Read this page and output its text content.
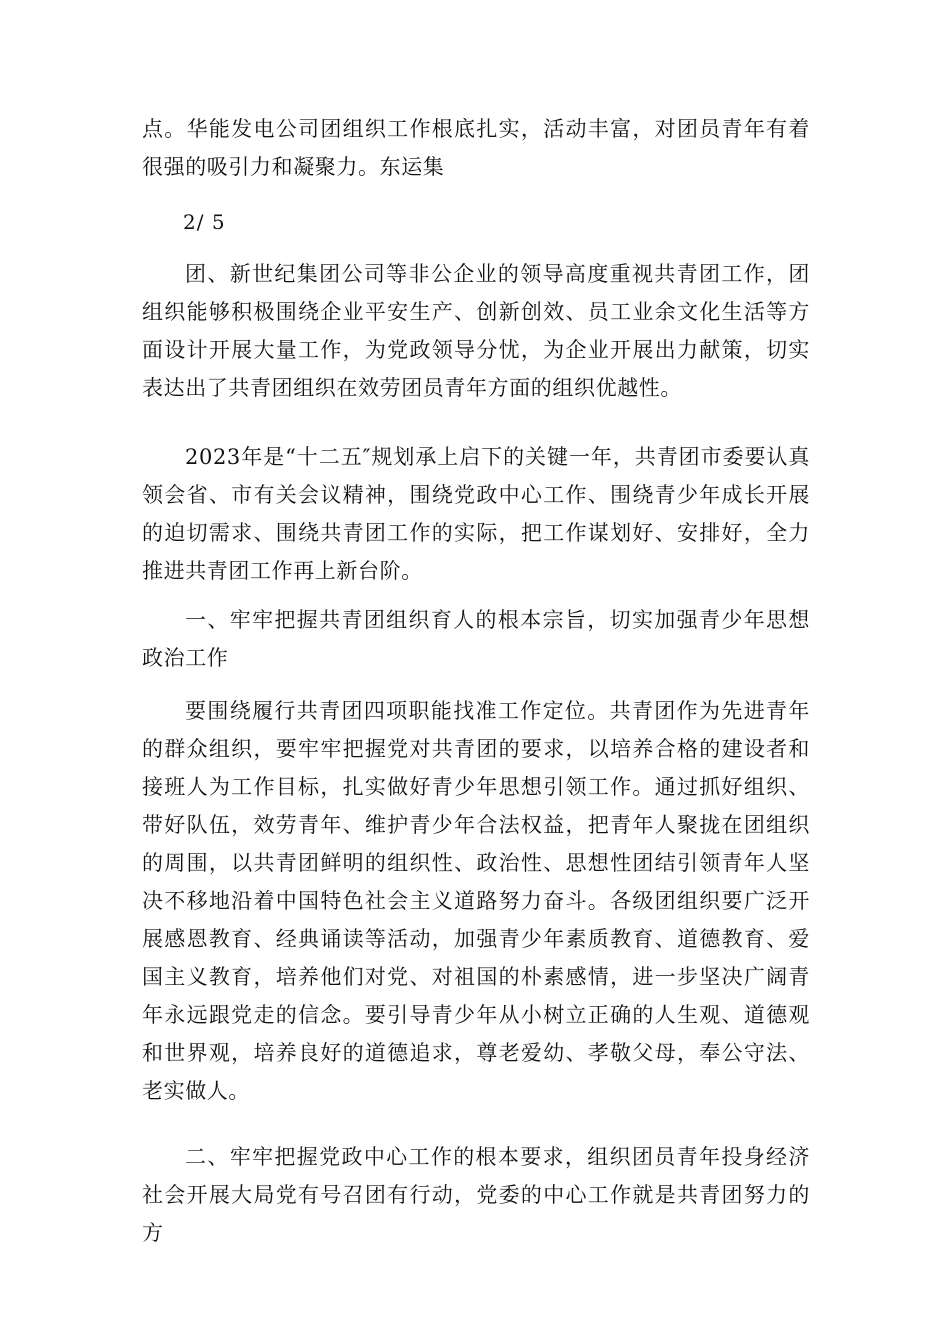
点。华能发电公司团组织工作根底扎实，活动丰富，对团员青年有着很强的吸引力和凝聚力。东运集

2/ 5

团、新世纪集团公司等非公企业的领导高度重视共青团工作，团组织能够积极围绕企业平安生产、创新创效、员工业余文化生活等方面设计开展大量工作，为党政领导分忧，为企业开展出力献策，切实表达出了共青团组织在效劳团员青年方面的组织优越性。

2023年是“十二五″规划承上启下的关键一年，共青团市委要认真领会省、市有关会议精神，围绕党政中心工作、围绕青少年成长开展的迫切需求、围绕共青团工作的实际，把工作谋划好、安排好，全力推进共青团工作再上新台阶。

一、牢牢把握共青团组织育人的根本宗旨，切实加强青少年思想政治工作

要围绕履行共青团四项职能找准工作定位。共青团作为先进青年的群众组织，要牢牢把握党对共青团的要求，以培养合格的建设者和接班人为工作目标，扎实做好青少年思想引领工作。通过抓好组织、带好队伍，效劳青年、维护青少年合法权益，把青年人聚拢在团组织的周围，以共青团鲜明的组织性、政治性、思想性团结引领青年人坚决不移地沿着中国特色社会主义道路努力奋斗。各级团组织要广泛开展感恩教育、经典诵读等活动，加强青少年素质教育、道德教育、爱国主义教育，培养他们对党、对祖国的朴素感情，进一步坚决广阔青年永远跟党走的信念。要引导青少年从小树立正确的人生观、道德观和世界观，培养良好的道德追求，尊老爱幼、孝敬父母，奉公守法、老实做人。

二、牢牢把握党政中心工作的根本要求，组织团员青年投身经济社会开展大局党有号召团有行动，党委的中心工作就是共青团努力的方
